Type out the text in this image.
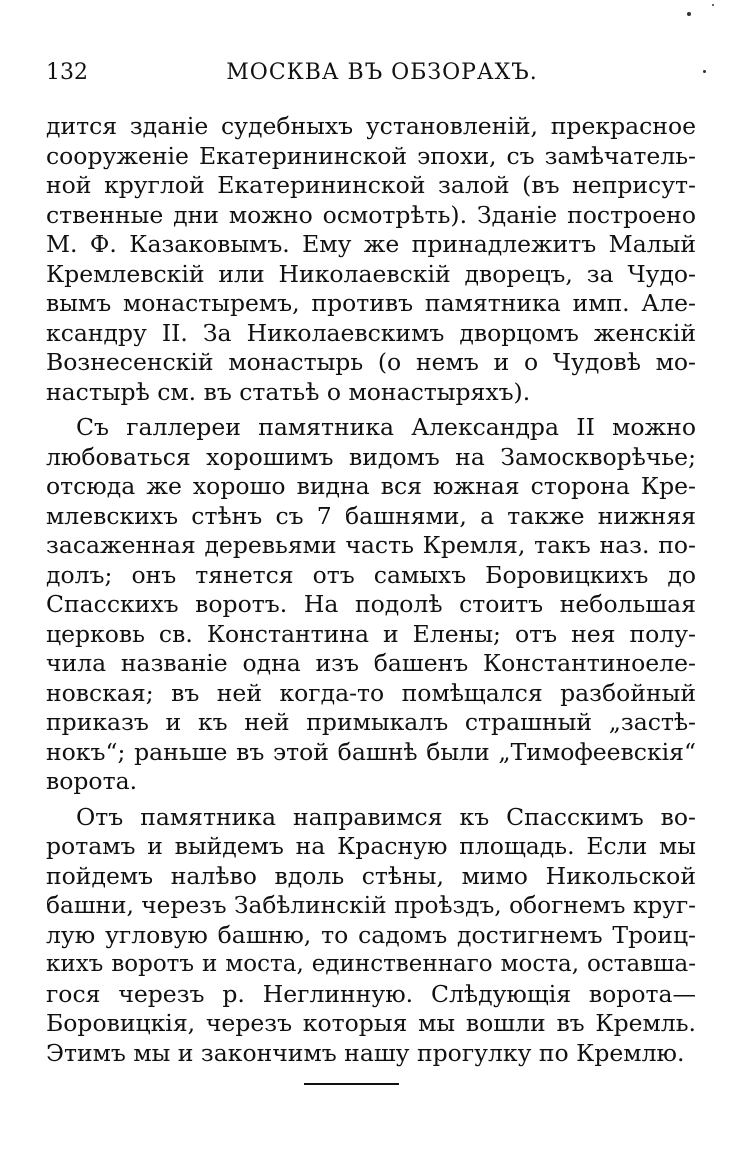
132	МОСКВА ВЪ ОБЗОРАХЪ.
дится зданіе судебныхъ установленій, прекрасное
сооруженіе Екатерининской эпохи, съ замѣчатель-
ной круглой Екатерининской залой (въ неприсут-
ственные дни можно осмотрѣть). Зданіе построено
М. Ф. Казаковымъ. Ему же принадлежитъ Малый
Кремлевскій или Николаевскій дворецъ, за Чудо-
вымъ монастыремъ, противъ памятника имп. Але-
ксандру II. За Николаевскимъ дворцомъ женскій
Вознесенскій монастырь (о немъ и о Чудовѣ мо-
настырѣ см. въ статьѣ о монастыряхъ).
Съ галлереи памятника Александра II можно
любоваться хорошимъ видомъ на Замоскворѣчье;
отсюда же хорошо видна вся южная сторона Кре-
млевскихъ стѣнъ съ 7 башнями, а также нижняя
засаженная деревьями часть Кремля, такъ наз. по-
долъ; онъ тянется отъ самыхъ Боровицкихъ до
Спасскихъ воротъ. На подолѣ стоитъ небольшая
церковь св. Константина и Елены; отъ нея полу-
чила названіе одна изъ башенъ Константиноеле-
новская; въ ней когда-то помѣщался разбойный
приказъ и къ ней примыкалъ страшный „застѣ-
нокъ“; раньше въ этой башнѣ были „Тимофеевскія“
ворота.
Отъ памятника направимся къ Спасскимъ во-
ротамъ и выйдемъ на Красную площадь. Если мы
пойдемъ налѣво вдоль стѣны, мимо Никольской
башни, черезъ Забѣлинскій проѣздъ, обогнемъ круг-
лую угловую башню, то садомъ достигнемъ Троиц-
кихъ воротъ и моста, единственнаго моста, оставша-
гося черезъ р. Неглинную. Слѣдующія ворота—
Боровицкія, черезъ которыя мы вошли въ Кремль.
Этимъ мы и закончимъ нашу прогулку по Кремлю.
